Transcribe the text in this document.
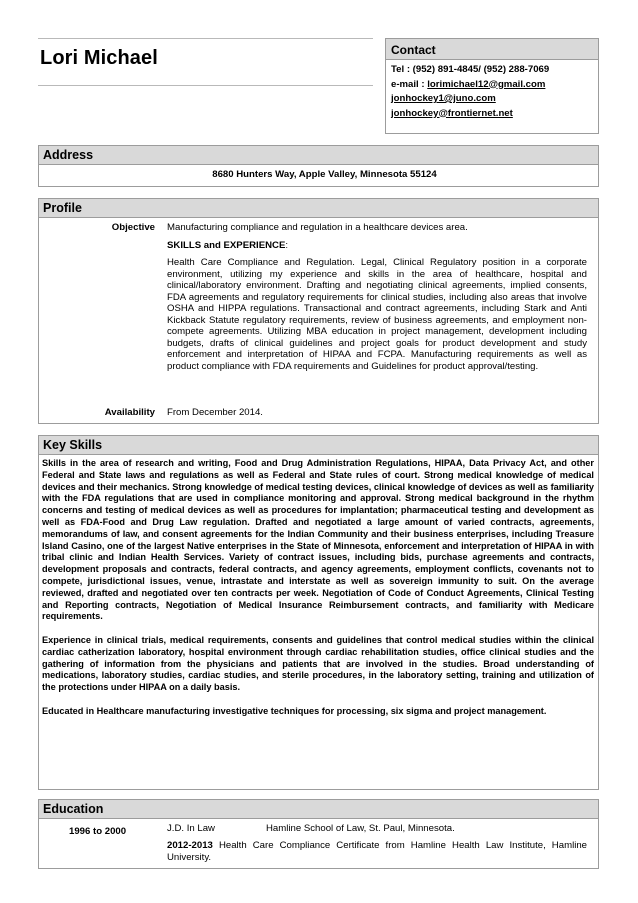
Lori Michael	Contact
Tel : (952) 891-4845/ (952) 288-7069
e-mail : lorimichael12@gmail.com
jonhockey1@juno.com
jonhockey@frontiernet.net
Address
8680 Hunters Way, Apple Valley, Minnesota 55124
Profile
Objective Manufacturing compliance and regulation in a healthcare devices area.
SKILLS and EXPERIENCE:
Health Care Compliance and Regulation. Legal, Clinical Regulatory position in a corporate environment, utilizing my experience and skills in the area of healthcare, hospital and clinical/laboratory environment. Drafting and negotiating clinical agreements, implied consents, FDA agreements and regulatory requirements for clinical studies, including also areas that involve OSHA and HIPPA regulations. Transactional and contract agreements, including Stark and Anti Kickback Statute regulatory requirements, review of business agreements, and employment non-compete agreements. Utilizing MBA education in project management, development including budgets, drafts of clinical guidelines and project goals for product development and study enforcement and interpretation of HIPAA and FCPA. Manufacturing requirements as well as product compliance with FDA requirements and Guidelines for product approval/testing.
Availability From December 2014.
Key Skills

Skills in the area of research and writing, Food and Drug Administration Regulations, HIPAA, Data Privacy Act, and other Federal and State laws and regulations as well as Federal and State rules of court. Strong medical knowledge of medical devices and their mechanics. Strong knowledge of medical testing devices, clinical knowledge of devices as well as familiarity with the FDA regulations that are used in compliance monitoring and approval. Strong medical background in the rhythm concerns and testing of medical devices as well as procedures for implantation; pharmaceutical testing and development as well as FDA-Food and Drug Law regulation. Drafted and negotiated a large amount of varied contracts, agreements, memorandums of law, and consent agreements for the Indian Community and their business enterprises, including Treasure Island Casino, one of the largest Native enterprises in the State of Minnesota, enforcement and interpretation of HIPAA in with tribal clinic and Indian Health Services. Variety of contract issues, including bids, purchase agreements and contracts, development proposals and contracts, federal contracts, and agency agreements, employment conflicts, covenants not to compete, jurisdictional issues, venue, intrastate and interstate as well as sovereign immunity to suit. On the average reviewed, drafted and negotiated over ten contracts per week. Negotiation of Code of Conduct Agreements, Clinical Testing and Reporting contracts, Negotiation of Medical Insurance Reimbursement contracts, and familiarity with Medicare requirements.

Experience in clinical trials, medical requirements, consents and guidelines that control medical studies within the clinical cardiac catherization laboratory, hospital environment through cardiac rehabilitation studies, office clinical studies and the gathering of information from the physicians and patients that are involved in the studies. Broad understanding of medications, laboratory studies, cardiac studies, and sterile procedures, in the laboratory setting, training and utilization of the protections under HIPAA on a daily basis.

Educated in Healthcare manufacturing investigative techniques for processing, six sigma and project management.

Education
1996 to 2000	J.D. In Law	Hamline School of Law, St. Paul, Minnesota.
2012-2013 Health Care Compliance Certificate from Hamline Health Law Institute, Hamline University.
